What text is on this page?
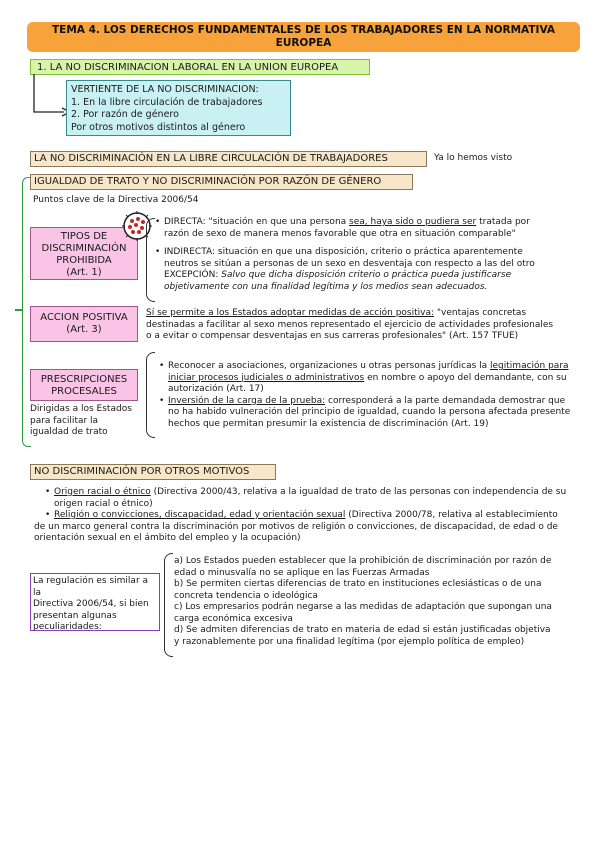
TEMA 4. LOS DERECHOS FUNDAMENTALES DE LOS TRABAJADORES EN LA NORMATIVA
EUROPEA
1. LA NO DISCRIMINACION LABORAL EN LA UNION EUROPEA
VERTIENTE DE LA NO DISCRIMINACION:
1. En la libre circulación de trabajadores
2. Por razón de género
Por otros motivos distintos al género
LA NO DISCRIMINACIÓN EN LA LIBRE CIRCULACIÓN DE TRABAJADORES	Ya lo hemos visto
IGUALDAD DE TRATO Y NO DISCRIMINACIÓN POR RAZÓN DE GÉNERO
Puntos clave de la Directiva 2006/54
TIPOS DE
DISCRIMINACIÓN
PROHIBIDA
(Art. 1)
• DIRECTA: "situación en que una persona sea, haya sido o pudiera ser tratada por
razón de sexo de manera menos favorable que otra en situación comparable"
• INDIRECTA: situación en que una disposición, criterio o práctica aparentemente
neutros se sitúan a personas de un sexo en desventaja con respecto a las del otro
EXCEPCIÓN: Salvo que dicha disposición criterio o práctica pueda justificarse
objetivamente con una finalidad legítima y los medios sean adecuados.
ACCION POSITIVA
(Art. 3)
Sí se permite a los Estados adoptar medidas de acción positiva: "ventajas concretas
destinadas a facilitar al sexo menos representado el ejercicio de actividades profesionales
o a evitar o compensar desventajas en sus carreras profesionales" (Art. 157 TFUE)
PRESCRIPCIONES
PROCESALES
Dirigidas a los Estados
para facilitar la
igualdad de trato
• Reconocer a asociaciones, organizaciones u otras personas jurídicas la legitimación para
iniciar procesos judiciales o administrativos en nombre o apoyo del demandante, con su
autorización (Art. 17)
• Inversión de la carga de la prueba: corresponderá a la parte demandada demostrar que
no ha habido vulneración del principio de igualdad, cuando la persona afectada presente
hechos que permitan presumir la existencia de discriminación (Art. 19)
NO DISCRIMINACIÓN POR OTROS MOTIVOS
• Origen racial o étnico (Directiva 2000/43, relativa a la igualdad de trato de las personas con independencia de su
origen racial o étnico)
• Religión o convicciones, discapacidad, edad y orientación sexual (Directiva 2000/78, relativa al establecimiento
de un marco general contra la discriminación por motivos de religión o convicciones, de discapacidad, de edad o de
orientación sexual en el ámbito del empleo y la ocupación)
La regulación es similar a la
Directiva 2006/54, si bien
presentan algunas
peculiaridades:
a) Los Estados pueden establecer que la prohibición de discriminación por razón de
edad o minusvalía no se aplique en las Fuerzas Armadas
b) Se permiten ciertas diferencias de trato en instituciones eclesiásticas o de una
concreta tendencia o ideológica
c) Los empresarios podrán negarse a las medidas de adaptación que supongan una
carga económica excesiva
d) Se admiten diferencias de trato en materia de edad si están justificadas objetiva
y razonablemente por una finalidad legítima (por ejemplo política de empleo)
